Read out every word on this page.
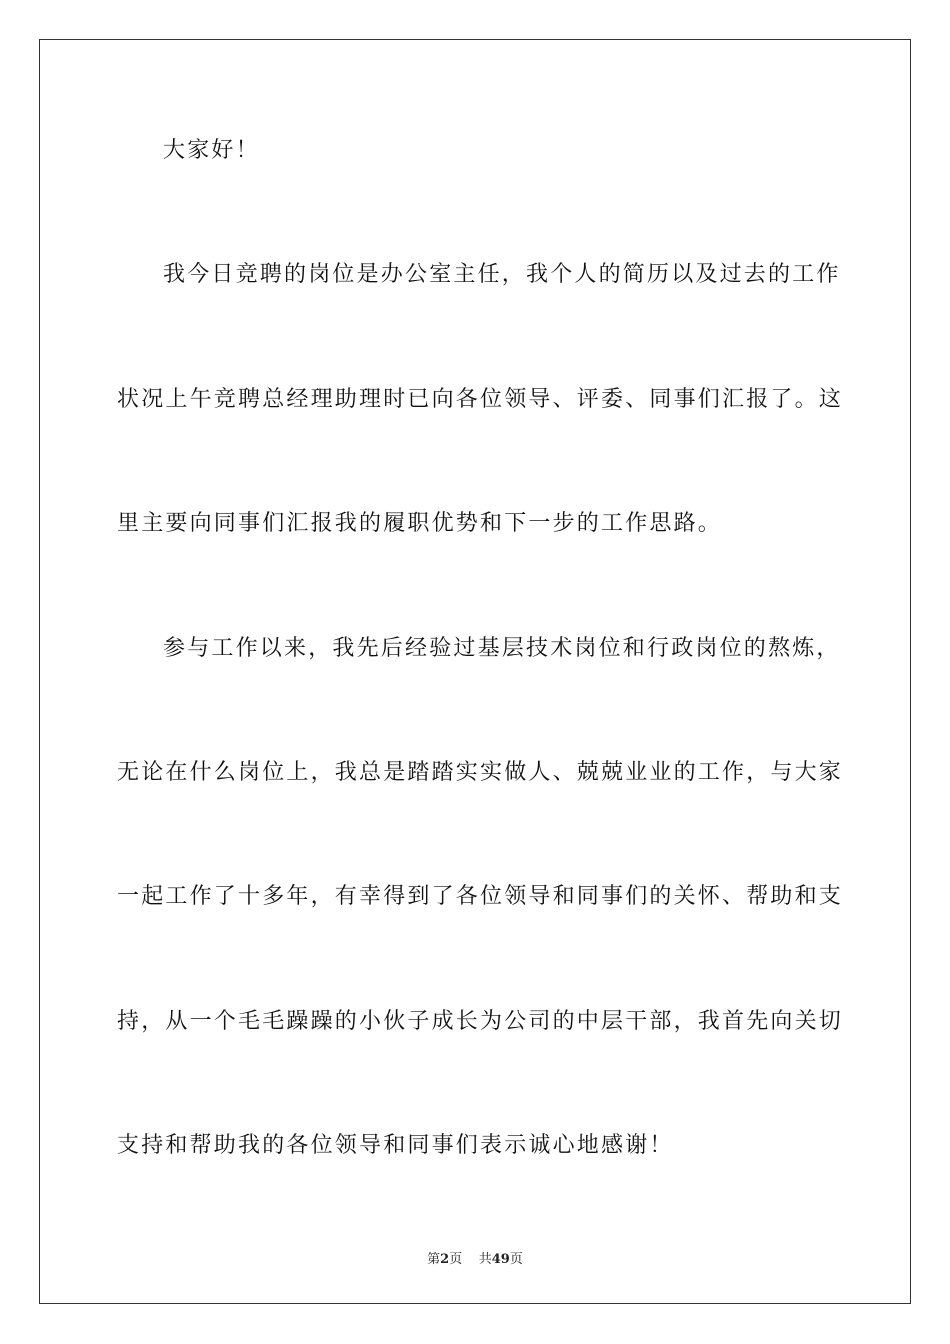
大家好！
我今日竞聘的岗位是办公室主任，我个人的简历以及过去的工作
状况上午竞聘总经理助理时已向各位领导、评委、同事们汇报了。这
里主要向同事们汇报我的履职优势和下一步的工作思路。
参与工作以来，我先后经验过基层技术岗位和行政岗位的熬炼，
无论在什么岗位上，我总是踏踏实实做人、兢兢业业的工作，与大家
一起工作了十多年，有幸得到了各位领导和同事们的关怀、帮助和支
持，从一个毛毛躁躁的小伙子成长为公司的中层干部，我首先向关切
支持和帮助我的各位领导和同事们表示诚心地感谢！
第2页 共49页
